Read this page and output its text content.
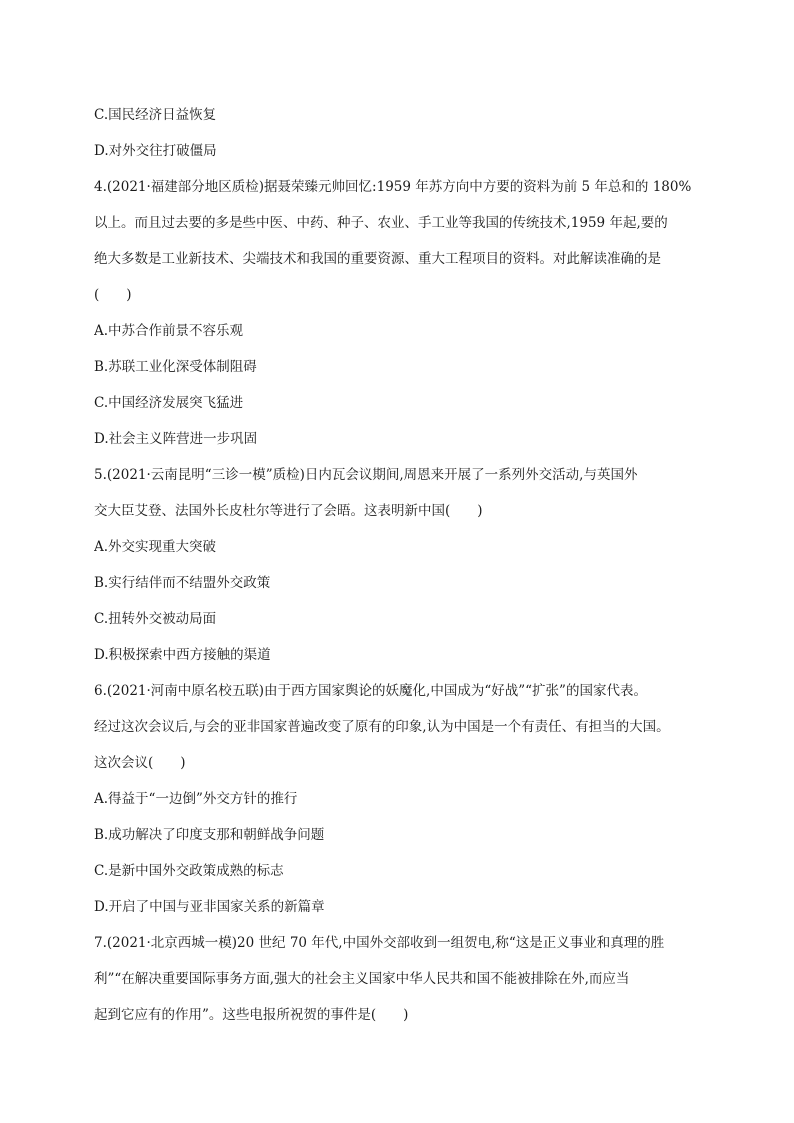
C.国民经济日益恢复
D.对外交往打破僵局
4.(2021·福建部分地区质检)据聂荣臻元帅回忆:1959 年苏方向中方要的资料为前 5 年总和的 180%
以上。而且过去要的多是些中医、中药、种子、农业、手工业等我国的传统技术,1959 年起,要的
绝大多数是工业新技术、尖端技术和我国的重要资源、重大工程项目的资料。对此解读准确的是
(　　)
A.中苏合作前景不容乐观
B.苏联工业化深受体制阻碍
C.中国经济发展突飞猛进
D.社会主义阵营进一步巩固
5.(2021·云南昆明“三诊一模”质检)日内瓦会议期间,周恩来开展了一系列外交活动,与英国外
交大臣艾登、法国外长皮杜尔等进行了会晤。这表明新中国(　　)
A.外交实现重大突破
B.实行结伴而不结盟外交政策
C.扭转外交被动局面
D.积极探索中西方接触的渠道
6.(2021·河南中原名校五联)由于西方国家舆论的妖魔化,中国成为“好战”“扩张”的国家代表。
经过这次会议后,与会的亚非国家普遍改变了原有的印象,认为中国是一个有责任、有担当的大国。
这次会议(　　)
A.得益于“一边倒”外交方针的推行
B.成功解决了印度支那和朝鲜战争问题
C.是新中国外交政策成熟的标志
D.开启了中国与亚非国家关系的新篇章
7.(2021·北京西城一模)20 世纪 70 年代,中国外交部收到一组贺电,称“这是正义事业和真理的胜
利”“在解决重要国际事务方面,强大的社会主义国家中华人民共和国不能被排除在外,而应当
起到它应有的作用”。这些电报所祝贺的事件是(　　)
